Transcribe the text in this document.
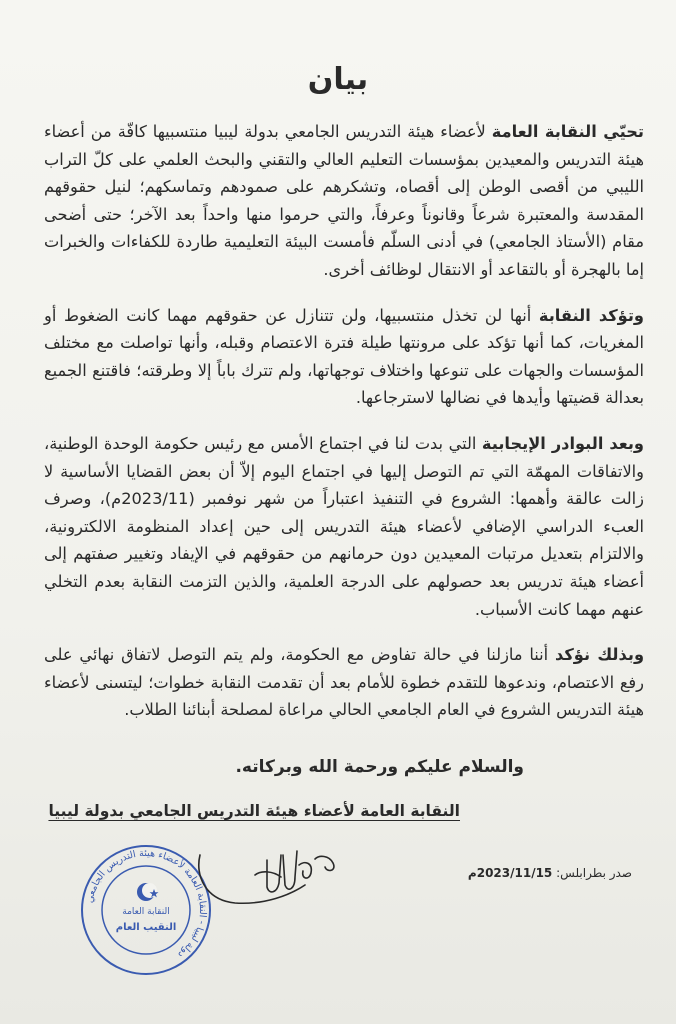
بيان

تحيّي النقابة العامة لأعضاء هيئة التدريس الجامعي بدولة ليبيا منتسبيها كافّة من أعضاء هيئة التدريس والمعيدين بمؤسسات التعليم العالي والتقني والبحث العلمي على كلّ التراب الليبي من أقصى الوطن إلى أقصاه، وتشكرهم على صمودهم وتماسكهم؛ لنيل حقوقهم المقدسة والمعتبرة شرعاً وقانوناً وعرفاً، والتي حرموا منها واحداً بعد الآخر؛ حتى أضحى مقام (الأستاذ الجامعي) في أدنى السلّم فأمست البيئة التعليمية طاردة للكفاءات والخبرات إما بالهجرة أو بالتقاعد أو الانتقال لوظائف أخرى.

وتؤكد النقابة أنها لن تخذل منتسبيها، ولن تتنازل عن حقوقهم مهما كانت الضغوط أو المغريات، كما أنها تؤكد على مرونتها طيلة فترة الاعتصام وقبله، وأنها تواصلت مع مختلف المؤسسات والجهات على تنوعها واختلاف توجهاتها، ولم تترك باباً إلا وطرقته؛ فاقتنع الجميع بعدالة قضيتها وأيدها في نضالها لاسترجاعها.

وبعد البوادر الإيجابية التي بدت لنا في اجتماع الأمس مع رئيس حكومة الوحدة الوطنية، والاتفاقات المهمّة التي تم التوصل إليها في اجتماع اليوم إلاّ أن بعض القضايا الأساسية لا زالت عالقة وأهمها: الشروع في التنفيذ اعتباراً من شهر نوفمبر (2023/11م)، وصرف العبء الدراسي الإضافي لأعضاء هيئة التدريس إلى حين إعداد المنظومة الالكترونية، والالتزام بتعديل مرتبات المعيدين دون حرمانهم من حقوقهم في الإيفاد وتغيير صفتهم إلى أعضاء هيئة تدريس بعد حصولهم على الدرجة العلمية، والذين التزمت النقابة بعدم التخلي عنهم مهما كانت الأسباب.

وبذلك نؤكد أننا مازلنا في حالة تفاوض مع الحكومة، ولم يتم التوصل لاتفاق نهائي على رفع الاعتصام، وندعوها للتقدم خطوة للأمام بعد أن تقدمت النقابة خطوات؛ ليتسنى لأعضاء هيئة التدريس الشروع في العام الجامعي الحالي مراعاة لمصلحة أبنائنا الطلاب.

والسلام عليكم ورحمة الله وبركاته.
النقابة العامة لأعضاء هيئة التدريس الجامعي بدولة ليبيا
صدر بطرابلس: 2023/11/15م
دولة ليبيا - النقابة العامة لأعضاء هيئة التدريس الجامعي
النقابة العامة
النقيب العام
